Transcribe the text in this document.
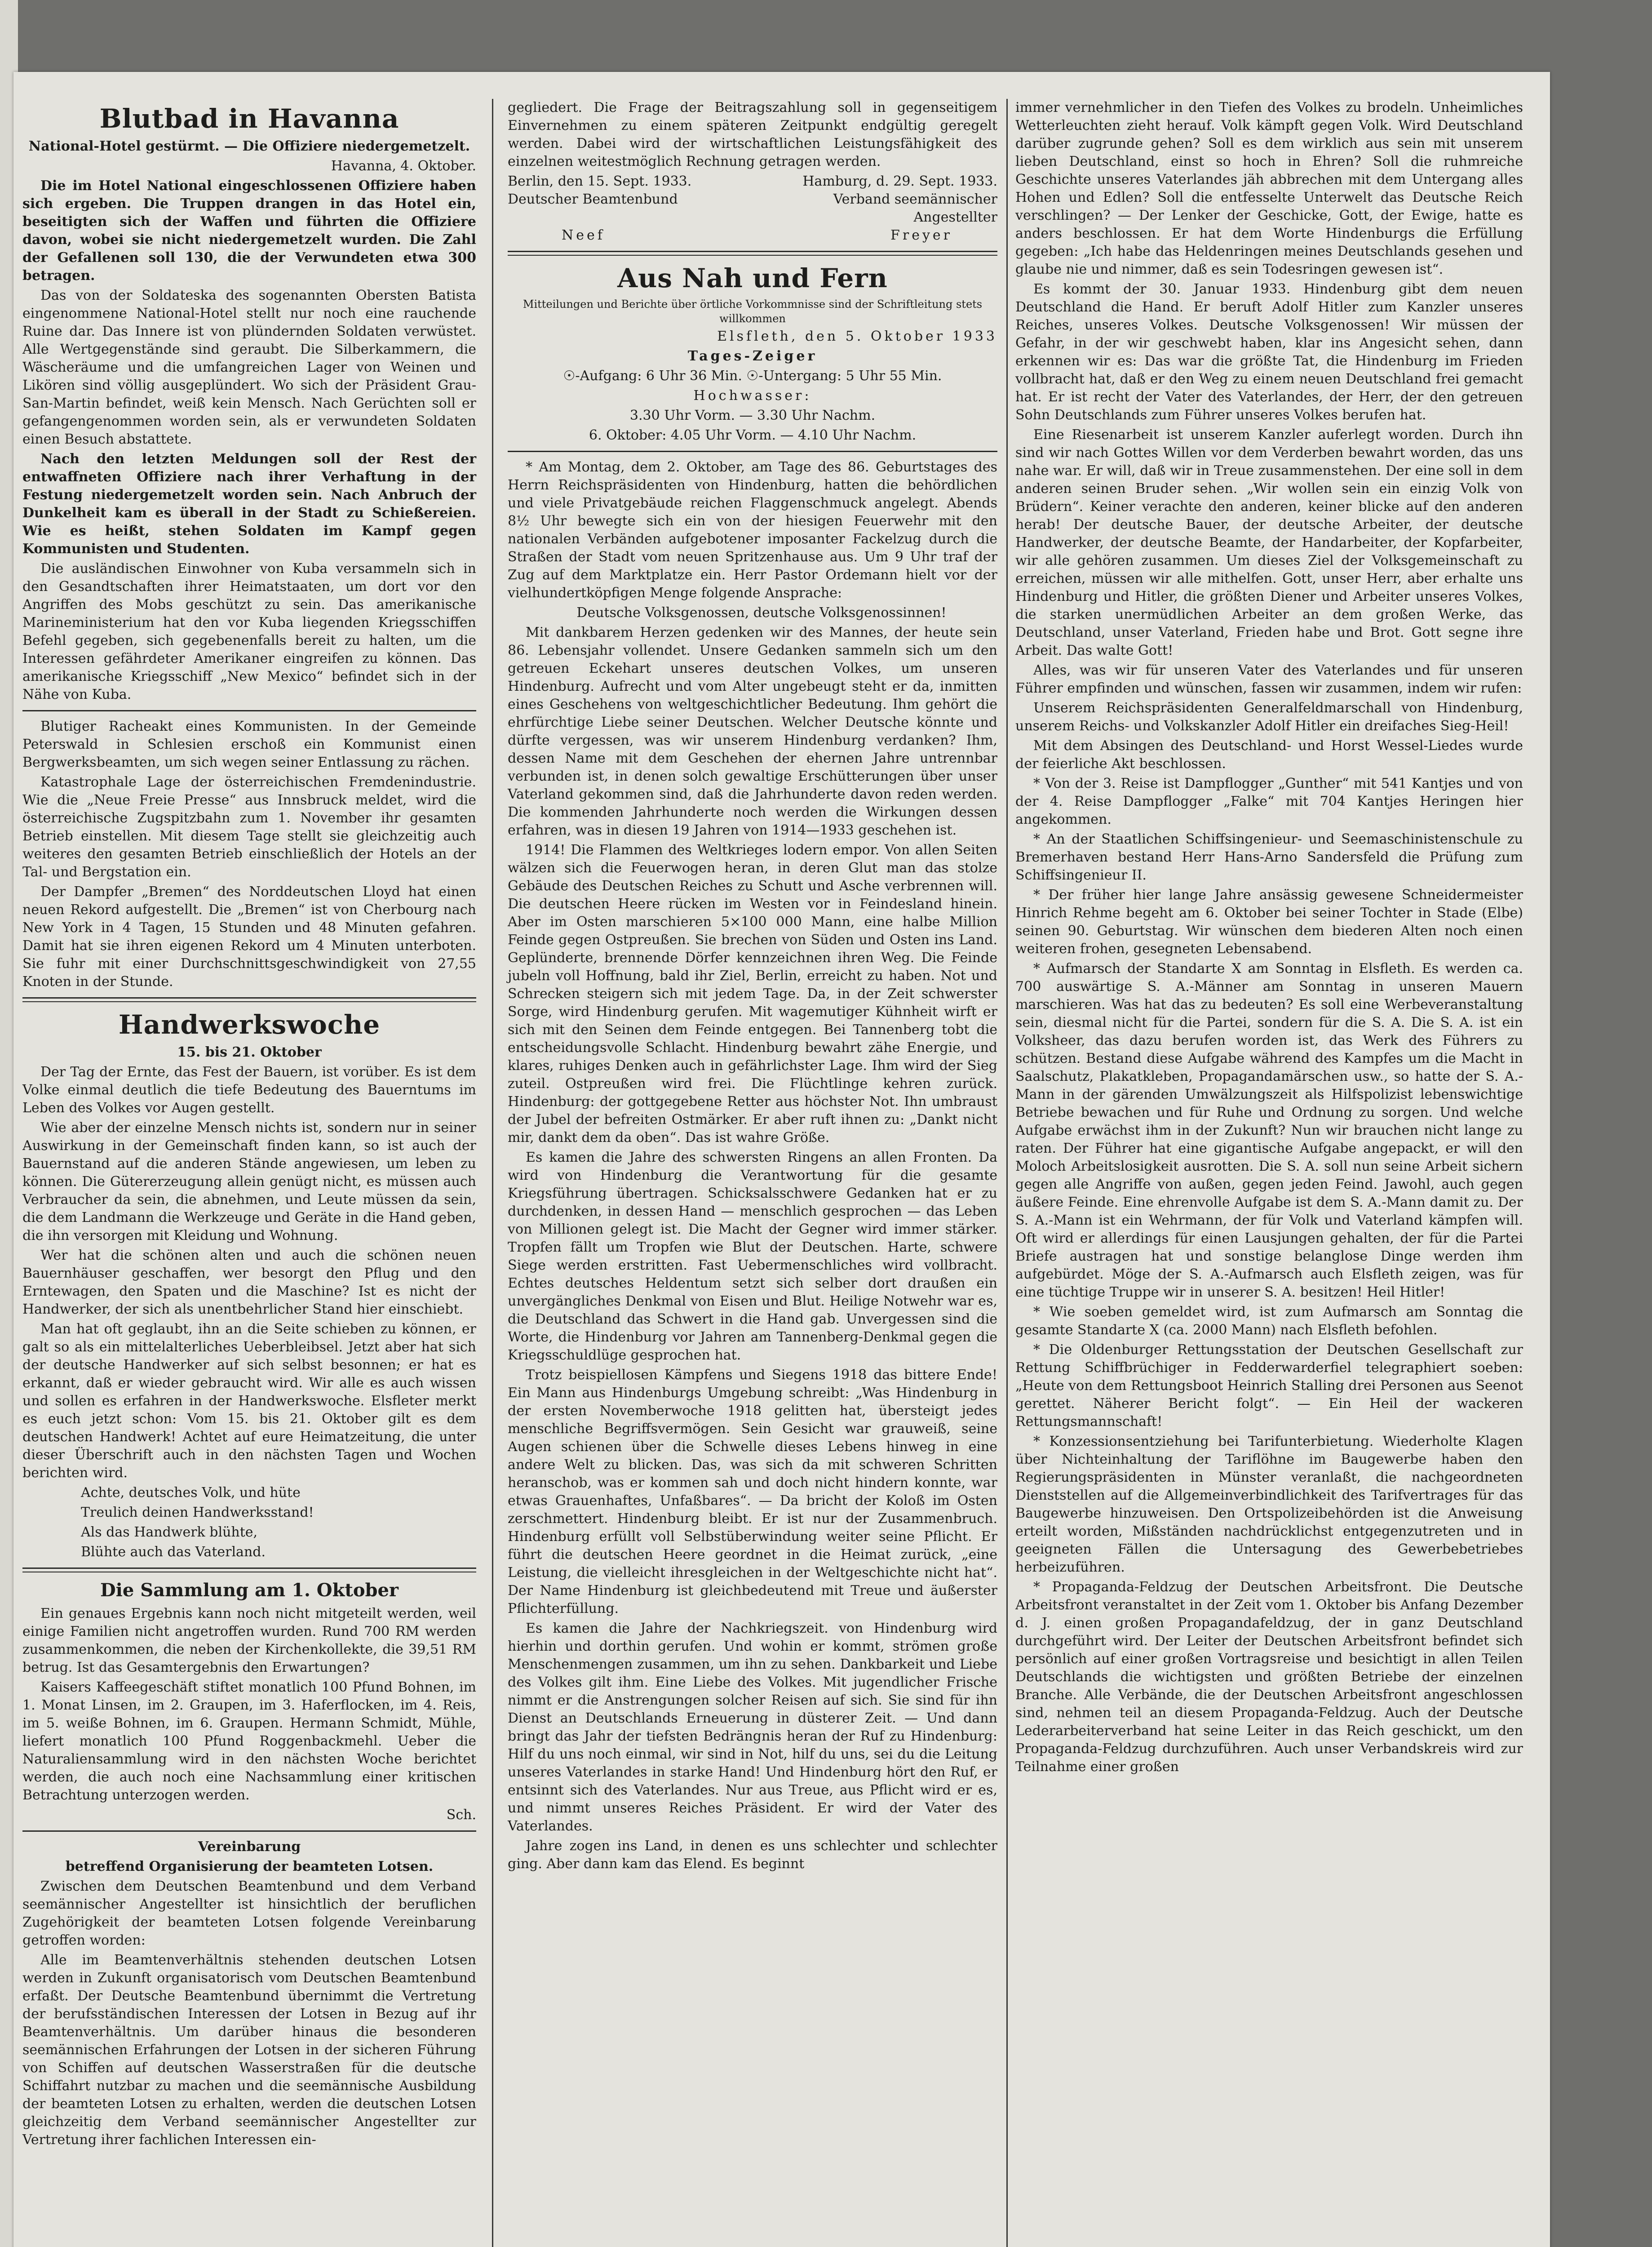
Blutbad in Havanna

National-Hotel gestürmt. — Die Offiziere niedergemetzelt.

Havanna, 4. Oktober.

Die im Hotel National eingeschlossenen Offiziere haben sich ergeben. Die Truppen drangen in das Hotel ein, beseitigten sich der Waffen und führten die Offiziere davon, wobei sie nicht niedergemetzelt wurden. Die Zahl der Gefallenen soll 130, die der Verwundeten etwa 300 betragen.

Das von der Soldateska des sogenannten Obersten Batista eingenommene National-Hotel stellt nur noch eine rauchende Ruine dar. Das Innere ist von plündernden Soldaten verwüstet. Alle Wertgegenstände sind geraubt. Die Silberkammern, die Wäscheräume und die umfangreichen Lager von Weinen und Likören sind völlig ausgeplündert. Wo sich der Präsident Grau-San-Martin befindet, weiß kein Mensch. Nach Gerüchten soll er gefangengenommen worden sein, als er verwundeten Soldaten einen Besuch abstattete.

Nach den letzten Meldungen soll der Rest der entwaffneten Offiziere nach ihrer Verhaftung in der Festung niedergemetzelt worden sein. Nach Anbruch der Dunkelheit kam es überall in der Stadt zu Schießereien. Wie es heißt, stehen Soldaten im Kampf gegen Kommunisten und Studenten.

Die ausländischen Einwohner von Kuba versammeln sich in den Gesandtschaften ihrer Heimatstaaten, um dort vor den Angriffen des Mobs geschützt zu sein. Das amerikanische Marineministerium hat den vor Kuba liegenden Kriegsschiffen Befehl gegeben, sich gegebenenfalls bereit zu halten, um die Interessen gefährdeter Amerikaner eingreifen zu können. Das amerikanische Kriegsschiff „New Mexico“ befindet sich in der Nähe von Kuba.

Blutiger Racheakt eines Kommunisten. In der Gemeinde Peterswald in Schlesien erschoß ein Kommunist einen Bergwerksbeamten, um sich wegen seiner Entlassung zu rächen.

Katastrophale Lage der österreichischen Fremdenindustrie. Wie die „Neue Freie Presse“ aus Innsbruck meldet, wird die österreichische Zugspitzbahn zum 1. November ihr gesamten Betrieb einstellen. Mit diesem Tage stellt sie gleichzeitig auch weiteres den gesamten Betrieb einschließlich der Hotels an der Tal- und Bergstation ein.

Der Dampfer „Bremen“ des Norddeutschen Lloyd hat einen neuen Rekord aufgestellt. Die „Bremen“ ist von Cherbourg nach New York in 4 Tagen, 15 Stunden und 48 Minuten gefahren. Damit hat sie ihren eigenen Rekord um 4 Minuten unterboten. Sie fuhr mit einer Durchschnittsgeschwindigkeit von 27,55 Knoten in der Stunde.

Handwerkswoche

15. bis 21. Oktober

Der Tag der Ernte, das Fest der Bauern, ist vorüber. Es ist dem Volke einmal deutlich die tiefe Bedeutung des Bauerntums im Leben des Volkes vor Augen gestellt.

Wie aber der einzelne Mensch nichts ist, sondern nur in seiner Auswirkung in der Gemeinschaft finden kann, so ist auch der Bauernstand auf die anderen Stände angewiesen, um leben zu können. Die Gütererzeugung allein genügt nicht, es müssen auch Verbraucher da sein, die abnehmen, und Leute müssen da sein, die dem Landmann die Werkzeuge und Geräte in die Hand geben, die ihn versorgen mit Kleidung und Wohnung.

Wer hat die schönen alten und auch die schönen neuen Bauernhäuser geschaffen, wer besorgt den Pflug und den Erntewagen, den Spaten und die Maschine? Ist es nicht der Handwerker, der sich als unentbehrlicher Stand hier einschiebt.

Man hat oft geglaubt, ihn an die Seite schieben zu können, er galt so als ein mittelalterliches Ueberbleibsel. Jetzt aber hat sich der deutsche Handwerker auf sich selbst besonnen; er hat es erkannt, daß er wieder gebraucht wird. Wir alle es auch wissen und sollen es erfahren in der Handwerkswoche. Elsfleter merkt es euch jetzt schon: Vom 15. bis 21. Oktober gilt es dem deutschen Handwerk! Achtet auf eure Heimatzeitung, die unter dieser Überschrift auch in den nächsten Tagen und Wochen berichten wird.

Achte, deutsches Volk, und hüte

Treulich deinen Handwerksstand!

Als das Handwerk blühte,

Blühte auch das Vaterland.

Die Sammlung am 1. Oktober

Ein genaues Ergebnis kann noch nicht mitgeteilt werden, weil einige Familien nicht angetroffen wurden. Rund 700 RM werden zusammenkommen, die neben der Kirchenkollekte, die 39,51 RM betrug. Ist das Gesamtergebnis den Erwartungen?

Kaisers Kaffeegeschäft stiftet monatlich 100 Pfund Bohnen, im 1. Monat Linsen, im 2. Graupen, im 3. Haferflocken, im 4. Reis, im 5. weiße Bohnen, im 6. Graupen. Hermann Schmidt, Mühle, liefert monatlich 100 Pfund Roggenbackmehl. Ueber die Naturaliensammlung wird in den nächsten Woche berichtet werden, die auch noch eine Nachsammlung einer kritischen Betrachtung unterzogen werden.

Sch.

Vereinbarung

betreffend Organisierung der beamteten Lotsen.

Zwischen dem Deutschen Beamtenbund und dem Verband seemännischer Angestellter ist hinsichtlich der beruflichen Zugehörigkeit der beamteten Lotsen folgende Vereinbarung getroffen worden:

Alle im Beamtenverhältnis stehenden deutschen Lotsen werden in Zukunft organisatorisch vom Deutschen Beamtenbund erfaßt. Der Deutsche Beamtenbund übernimmt die Vertretung der berufsständischen Interessen der Lotsen in Bezug auf ihr Beamtenverhältnis. Um darüber hinaus die besonderen seemännischen Erfahrungen der Lotsen in der sicheren Führung von Schiffen auf deutschen Wasserstraßen für die deutsche Schiffahrt nutzbar zu machen und die seemännische Ausbildung der beamteten Lotsen zu erhalten, werden die deutschen Lotsen gleichzeitig dem Verband seemännischer Angestellter zur Vertretung ihrer fachlichen Interessen ein-

gegliedert. Die Frage der Beitragszahlung soll in gegenseitigem Einvernehmen zu einem späteren Zeitpunkt endgültig geregelt werden. Dabei wird der wirtschaftlichen Leistungsfähigkeit des einzelnen weitestmöglich Rechnung getragen werden.

Berlin, den 15. Sept. 1933.	Hamburg, d. 29. Sept. 1933.
Deutscher Beamtenbund	Verband seemännischer Angestellter
Neef	Freyer
Aus Nah und Fern

Mitteilungen und Berichte über örtliche Vorkommnisse sind der Schriftleitung stets willkommen

Elsfleth, den 5. Oktober 1933

Tages-Zeiger

☉-Aufgang: 6 Uhr 36 Min. ☉-Untergang: 5 Uhr 55 Min.

Hochwasser:

3.30 Uhr Vorm. — 3.30 Uhr Nachm.

6. Oktober: 4.05 Uhr Vorm. — 4.10 Uhr Nachm.

* Am Montag, dem 2. Oktober, am Tage des 86. Geburtstages des Herrn Reichspräsidenten von Hindenburg, hatten die behördlichen und viele Privatgebäude reichen Flaggenschmuck angelegt. Abends 8½ Uhr bewegte sich ein von der hiesigen Feuerwehr mit den nationalen Verbänden aufgebotener imposanter Fackelzug durch die Straßen der Stadt vom neuen Spritzenhause aus. Um 9 Uhr traf der Zug auf dem Marktplatze ein. Herr Pastor Ordemann hielt vor der vielhundertköpfigen Menge folgende Ansprache:

Deutsche Volksgenossen, deutsche Volksgenossinnen!

Mit dankbarem Herzen gedenken wir des Mannes, der heute sein 86. Lebensjahr vollendet. Unsere Gedanken sammeln sich um den getreuen Eckehart unseres deutschen Volkes, um unseren Hindenburg. Aufrecht und vom Alter ungebeugt steht er da, inmitten eines Geschehens von weltgeschichtlicher Bedeutung. Ihm gehört die ehrfürchtige Liebe seiner Deutschen. Welcher Deutsche könnte und dürfte vergessen, was wir unserem Hindenburg verdanken? Ihm, dessen Name mit dem Geschehen der ehernen Jahre untrennbar verbunden ist, in denen solch gewaltige Erschütterungen über unser Vaterland gekommen sind, daß die Jahrhunderte davon reden werden. Die kommenden Jahrhunderte noch werden die Wirkungen dessen erfahren, was in diesen 19 Jahren von 1914—1933 geschehen ist.

1914! Die Flammen des Weltkrieges lodern empor. Von allen Seiten wälzen sich die Feuerwogen heran, in deren Glut man das stolze Gebäude des Deutschen Reiches zu Schutt und Asche verbrennen will. Die deutschen Heere rücken im Westen vor in Feindesland hinein. Aber im Osten marschieren 5×100 000 Mann, eine halbe Million Feinde gegen Ostpreußen. Sie brechen von Süden und Osten ins Land. Geplünderte, brennende Dörfer kennzeichnen ihren Weg. Die Feinde jubeln voll Hoffnung, bald ihr Ziel, Berlin, erreicht zu haben. Not und Schrecken steigern sich mit jedem Tage. Da, in der Zeit schwerster Sorge, wird Hindenburg gerufen. Mit wagemutiger Kühnheit wirft er sich mit den Seinen dem Feinde entgegen. Bei Tannenberg tobt die entscheidungsvolle Schlacht. Hindenburg bewahrt zähe Energie, und klares, ruhiges Denken auch in gefährlichster Lage. Ihm wird der Sieg zuteil. Ostpreußen wird frei. Die Flüchtlinge kehren zurück. Hindenburg: der gottgegebene Retter aus höchster Not. Ihn umbraust der Jubel der befreiten Ostmärker. Er aber ruft ihnen zu: „Dankt nicht mir, dankt dem da oben“. Das ist wahre Größe.

Es kamen die Jahre des schwersten Ringens an allen Fronten. Da wird von Hindenburg die Verantwortung für die gesamte Kriegsführung übertragen. Schicksalsschwere Gedanken hat er zu durchdenken, in dessen Hand — menschlich gesprochen — das Leben von Millionen gelegt ist. Die Macht der Gegner wird immer stärker. Tropfen fällt um Tropfen wie Blut der Deutschen. Harte, schwere Siege werden erstritten. Fast Uebermenschliches wird vollbracht. Echtes deutsches Heldentum setzt sich selber dort draußen ein unvergängliches Denkmal von Eisen und Blut. Heilige Notwehr war es, die Deutschland das Schwert in die Hand gab. Unvergessen sind die Worte, die Hindenburg vor Jahren am Tannenberg-Denkmal gegen die Kriegsschuldlüge gesprochen hat.

Trotz beispiellosen Kämpfens und Siegens 1918 das bittere Ende! Ein Mann aus Hindenburgs Umgebung schreibt: „Was Hindenburg in der ersten Novemberwoche 1918 gelitten hat, übersteigt jedes menschliche Begriffsvermögen. Sein Gesicht war grauweiß, seine Augen schienen über die Schwelle dieses Lebens hinweg in eine andere Welt zu blicken. Das, was sich da mit schweren Schritten heranschob, was er kommen sah und doch nicht hindern konnte, war etwas Grauenhaftes, Unfaßbares“. — Da bricht der Koloß im Osten zerschmettert. Hindenburg bleibt. Er ist nur der Zusammenbruch. Hindenburg erfüllt voll Selbstüberwindung weiter seine Pflicht. Er führt die deutschen Heere geordnet in die Heimat zurück, „eine Leistung, die vielleicht ihresgleichen in der Weltgeschichte nicht hat“. Der Name Hindenburg ist gleichbedeutend mit Treue und äußerster Pflichterfüllung.

Es kamen die Jahre der Nachkriegszeit. von Hindenburg wird hierhin und dorthin gerufen. Und wohin er kommt, strömen große Menschenmengen zusammen, um ihn zu sehen. Dankbarkeit und Liebe des Volkes gilt ihm. Eine Liebe des Volkes. Mit jugendlicher Frische nimmt er die Anstrengungen solcher Reisen auf sich. Sie sind für ihn Dienst an Deutschlands Erneuerung in düsterer Zeit. — Und dann bringt das Jahr der tiefsten Bedrängnis heran der Ruf zu Hindenburg: Hilf du uns noch einmal, wir sind in Not, hilf du uns, sei du die Leitung unseres Vaterlandes in starke Hand! Und Hindenburg hört den Ruf, er entsinnt sich des Vaterlandes. Nur aus Treue, aus Pflicht wird er es, und nimmt unseres Reiches Präsident. Er wird der Vater des Vaterlandes.

Jahre zogen ins Land, in denen es uns schlechter und schlechter ging. Aber dann kam das Elend. Es beginnt

immer vernehmlicher in den Tiefen des Volkes zu brodeln. Unheimliches Wetterleuchten zieht herauf. Volk kämpft gegen Volk. Wird Deutschland darüber zugrunde gehen? Soll es dem wirklich aus sein mit unserem lieben Deutschland, einst so hoch in Ehren? Soll die ruhmreiche Geschichte unseres Vaterlandes jäh abbrechen mit dem Untergang alles Hohen und Edlen? Soll die entfesselte Unterwelt das Deutsche Reich verschlingen? — Der Lenker der Geschicke, Gott, der Ewige, hatte es anders beschlossen. Er hat dem Worte Hindenburgs die Erfüllung gegeben: „Ich habe das Heldenringen meines Deutschlands gesehen und glaube nie und nimmer, daß es sein Todesringen gewesen ist“.

Es kommt der 30. Januar 1933. Hindenburg gibt dem neuen Deutschland die Hand. Er beruft Adolf Hitler zum Kanzler unseres Reiches, unseres Volkes. Deutsche Volksgenossen! Wir müssen der Gefahr, in der wir geschwebt haben, klar ins Angesicht sehen, dann erkennen wir es: Das war die größte Tat, die Hindenburg im Frieden vollbracht hat, daß er den Weg zu einem neuen Deutschland frei gemacht hat. Er ist recht der Vater des Vaterlandes, der Herr, der den getreuen Sohn Deutschlands zum Führer unseres Volkes berufen hat.

Eine Riesenarbeit ist unserem Kanzler auferlegt worden. Durch ihn sind wir nach Gottes Willen vor dem Verderben bewahrt worden, das uns nahe war. Er will, daß wir in Treue zusammenstehen. Der eine soll in dem anderen seinen Bruder sehen. „Wir wollen sein ein einzig Volk von Brüdern“. Keiner verachte den anderen, keiner blicke auf den anderen herab! Der deutsche Bauer, der deutsche Arbeiter, der deutsche Handwerker, der deutsche Beamte, der Handarbeiter, der Kopfarbeiter, wir alle gehören zusammen. Um dieses Ziel der Volksgemeinschaft zu erreichen, müssen wir alle mithelfen. Gott, unser Herr, aber erhalte uns Hindenburg und Hitler, die größten Diener und Arbeiter unseres Volkes, die starken unermüdlichen Arbeiter an dem großen Werke, das Deutschland, unser Vaterland, Frieden habe und Brot. Gott segne ihre Arbeit. Das walte Gott!

Alles, was wir für unseren Vater des Vaterlandes und für unseren Führer empfinden und wünschen, fassen wir zusammen, indem wir rufen:

Unserem Reichspräsidenten Generalfeldmarschall von Hindenburg, unserem Reichs- und Volkskanzler Adolf Hitler ein dreifaches Sieg-Heil!

Mit dem Absingen des Deutschland- und Horst Wessel-Liedes wurde der feierliche Akt beschlossen.

* Von der 3. Reise ist Dampflogger „Gunther“ mit 541 Kantjes und von der 4. Reise Dampflogger „Falke“ mit 704 Kantjes Heringen hier angekommen.

* An der Staatlichen Schiffsingenieur- und Seemaschinistenschule zu Bremerhaven bestand Herr Hans-Arno Sandersfeld die Prüfung zum Schiffsingenieur II.

* Der früher hier lange Jahre ansässig gewesene Schneidermeister Hinrich Rehme begeht am 6. Oktober bei seiner Tochter in Stade (Elbe) seinen 90. Geburtstag. Wir wünschen dem biederen Alten noch einen weiteren frohen, gesegneten Lebensabend.

* Aufmarsch der Standarte X am Sonntag in Elsfleth. Es werden ca. 700 auswärtige S. A.-Männer am Sonntag in unseren Mauern marschieren. Was hat das zu bedeuten? Es soll eine Werbeveranstaltung sein, diesmal nicht für die Partei, sondern für die S. A. Die S. A. ist ein Volksheer, das dazu berufen worden ist, das Werk des Führers zu schützen. Bestand diese Aufgabe während des Kampfes um die Macht in Saalschutz, Plakatkleben, Propagandamärschen usw., so hatte der S. A.-Mann in der gärenden Umwälzungszeit als Hilfspolizist lebenswichtige Betriebe bewachen und für Ruhe und Ordnung zu sorgen. Und welche Aufgabe erwächst ihm in der Zukunft? Nun wir brauchen nicht lange zu raten. Der Führer hat eine gigantische Aufgabe angepackt, er will den Moloch Arbeitslosigkeit ausrotten. Die S. A. soll nun seine Arbeit sichern gegen alle Angriffe von außen, gegen jeden Feind. Jawohl, auch gegen äußere Feinde. Eine ehrenvolle Aufgabe ist dem S. A.-Mann damit zu. Der S. A.-Mann ist ein Wehrmann, der für Volk und Vaterland kämpfen will. Oft wird er allerdings für einen Lausjungen gehalten, der für die Partei Briefe austragen hat und sonstige belanglose Dinge werden ihm aufgebürdet. Möge der S. A.-Aufmarsch auch Elsfleth zeigen, was für eine tüchtige Truppe wir in unserer S. A. besitzen! Heil Hitler!

* Wie soeben gemeldet wird, ist zum Aufmarsch am Sonntag die gesamte Standarte X (ca. 2000 Mann) nach Elsfleth befohlen.

* Die Oldenburger Rettungsstation der Deutschen Gesellschaft zur Rettung Schiffbrüchiger in Fedderwarderfiel telegraphiert soeben: „Heute von dem Rettungsboot Heinrich Stalling drei Personen aus Seenot gerettet. Näherer Bericht folgt“. — Ein Heil der wackeren Rettungsmannschaft!

* Konzessionsentziehung bei Tarifunterbietung. Wiederholte Klagen über Nichteinhaltung der Tariflöhne im Baugewerbe haben den Regierungspräsidenten in Münster veranlaßt, die nachgeordneten Dienststellen auf die Allgemeinverbindlichkeit des Tarifvertrages für das Baugewerbe hinzuweisen. Den Ortspolizeibehörden ist die Anweisung erteilt worden, Mißständen nachdrücklichst entgegenzutreten und in geeigneten Fällen die Untersagung des Gewerbebetriebes herbeizuführen.

* Propaganda-Feldzug der Deutschen Arbeitsfront. Die Deutsche Arbeitsfront veranstaltet in der Zeit vom 1. Oktober bis Anfang Dezember d. J. einen großen Propagandafeldzug, der in ganz Deutschland durchgeführt wird. Der Leiter der Deutschen Arbeitsfront befindet sich persönlich auf einer großen Vortragsreise und besichtigt in allen Teilen Deutschlands die wichtigsten und größten Betriebe der einzelnen Branche. Alle Verbände, die der Deutschen Arbeitsfront angeschlossen sind, nehmen teil an diesem Propaganda-Feldzug. Auch der Deutsche Lederarbeiterverband hat seine Leiter in das Reich geschickt, um den Propaganda-Feldzug durchzuführen. Auch unser Verbandskreis wird zur Teilnahme einer großen
